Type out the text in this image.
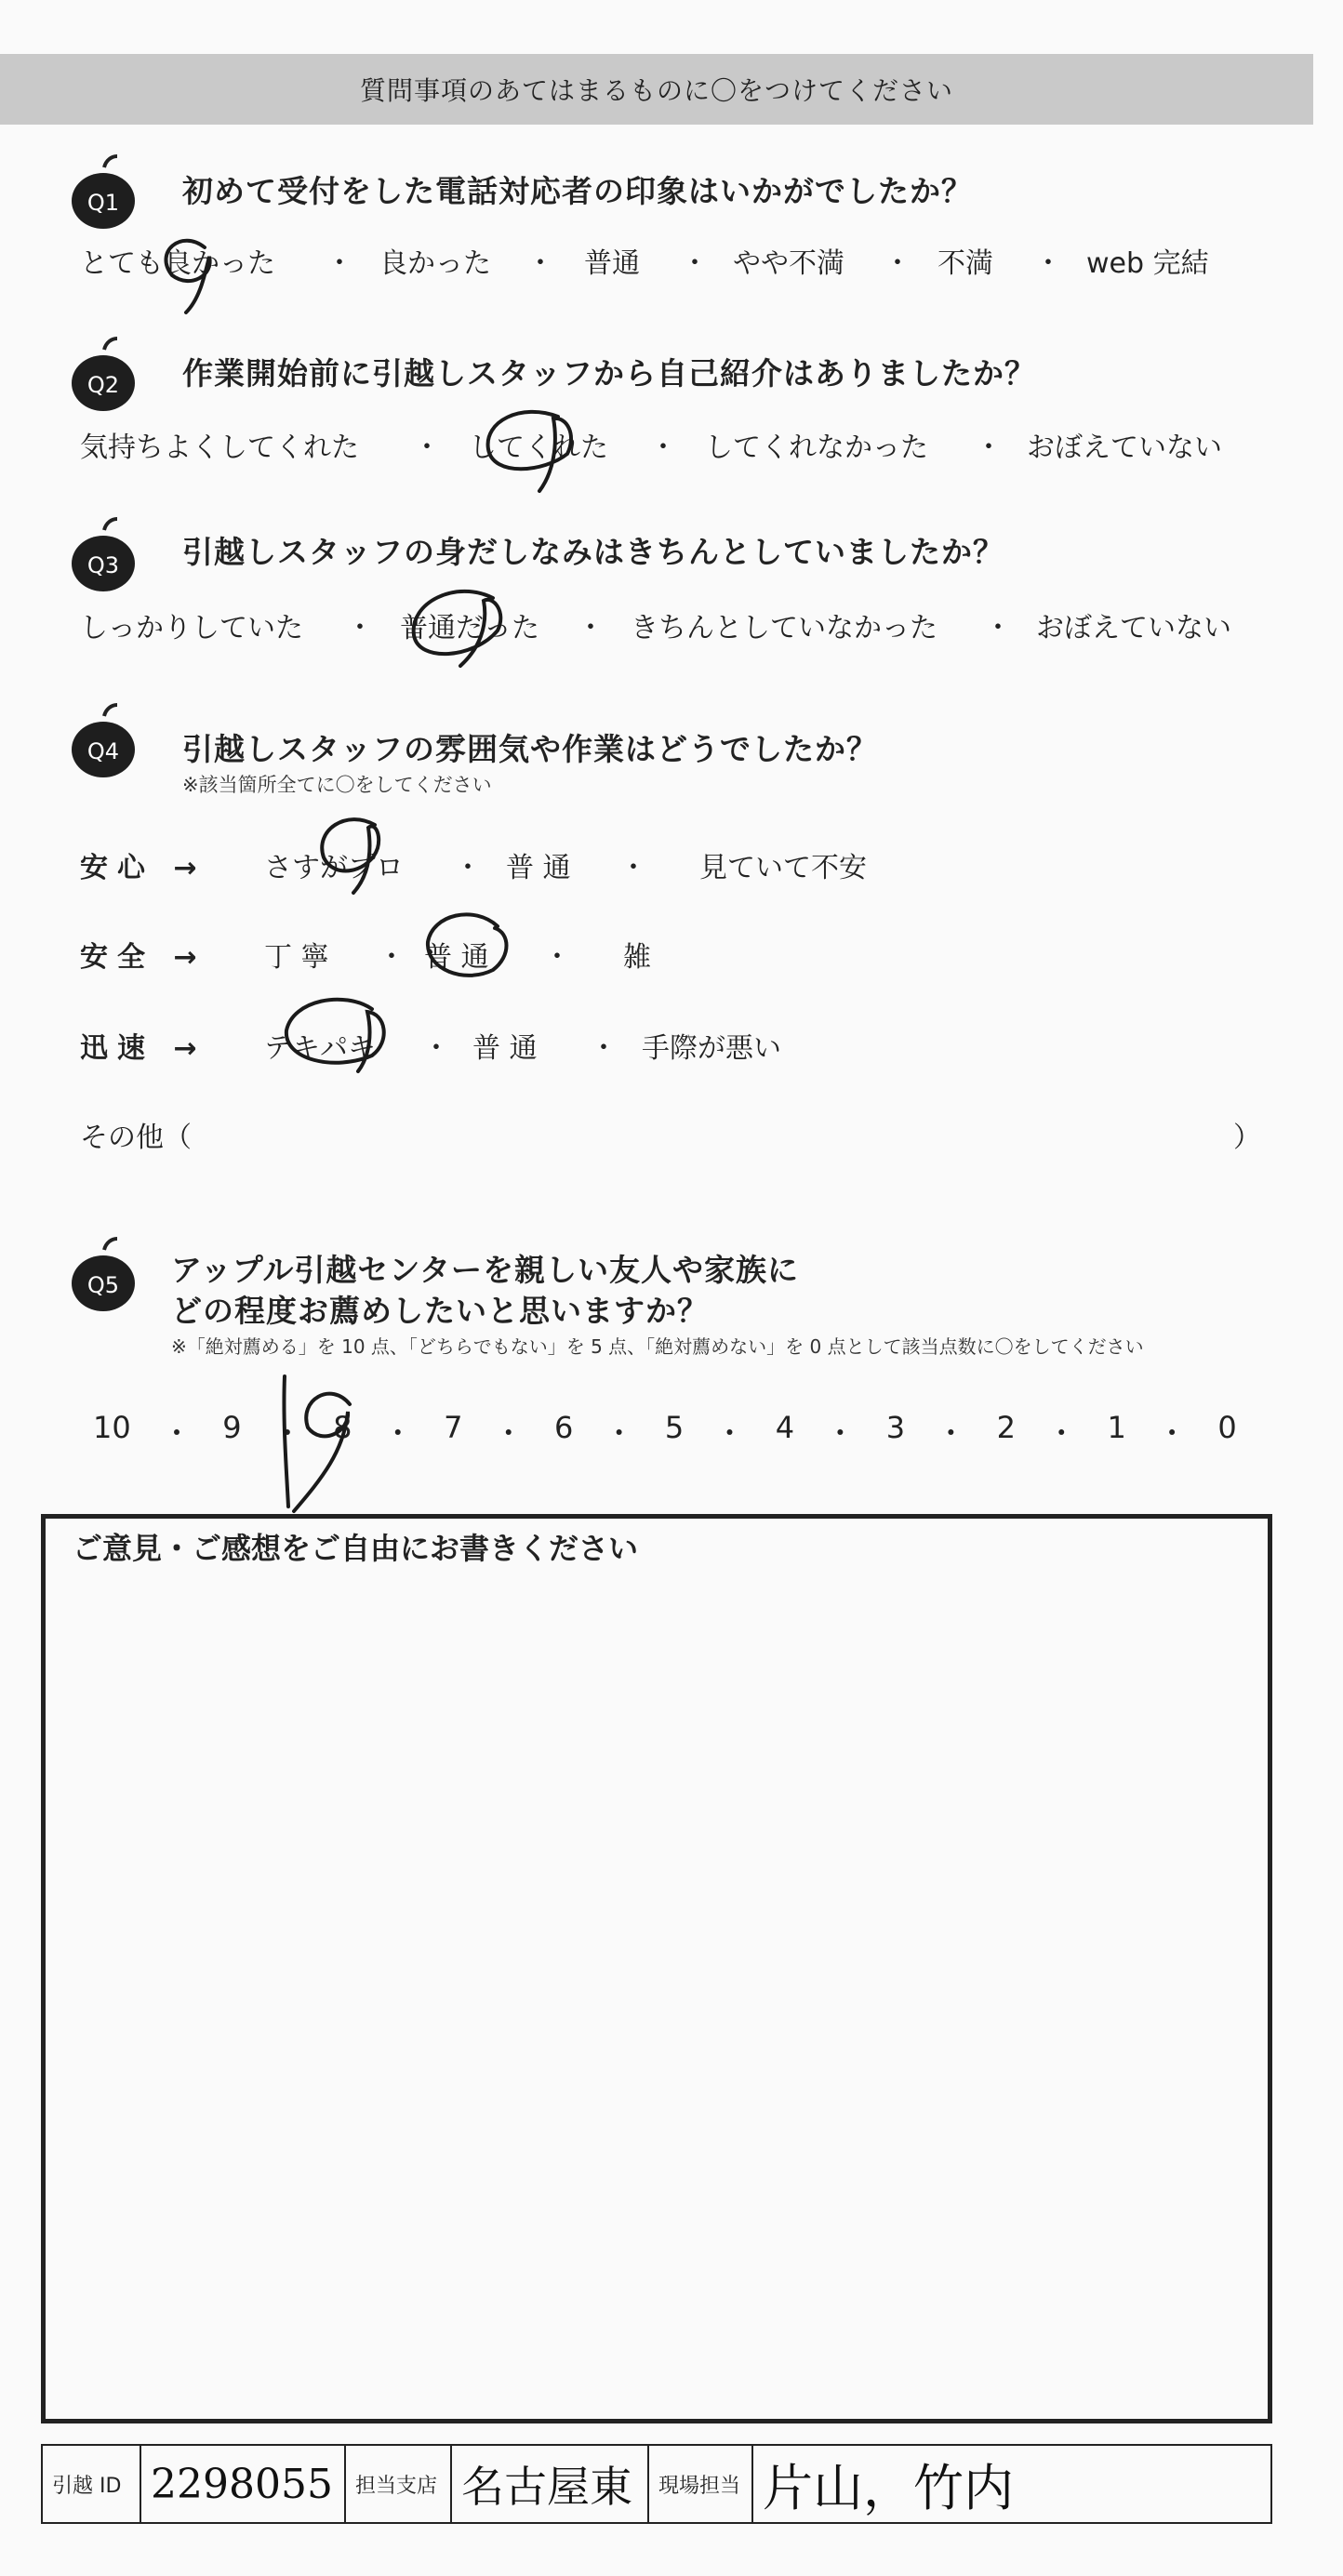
質問事項のあてはまるものに〇をつけてください
Q1 初めて受付をした電話対応者の印象はいかがでしたか？
とても良かった ・ 良かった ・ 普通 ・ やや不満 ・ 不満 ・ web 完結
Q2 作業開始前に引越しスタッフから自己紹介はありましたか？
気持ちよくしてくれた ・ してくれた ・ してくれなかった ・ おぼえていない
Q3 引越しスタッフの身だしなみはきちんとしていましたか？
しっかりしていた ・ 普通だった ・ きちんとしていなかった ・ おぼえていない
Q4 引越しスタッフの雰囲気や作業はどうでしたか？
※該当箇所全てに〇をしてください
安心 → さすがプロ ・ 普 通 ・ 見ていて不安
安全 → 丁 寧 ・ 普 通 ・ 雑
迅速 → テキパキ ・ 普 通 ・ 手際が悪い
その他（	）
Q5 アップル引越センターを親しい友人や家族に
どの程度お薦めしたいと思いますか？
※「絶対薦める」を 10 点、「どちらでもない」を 5 点、「絶対薦めない」を 0 点として該当点数に〇をしてください
10 ・ 9 ・ 8 ・ 7 ・ 6 ・ 5 ・ 4 ・ 3 ・ 2 ・ 1 ・ 0
ご意見・ご感想をご自由にお書きください
引越 ID 2298055	担当支店 名古屋東	現場担当 片山，竹内
